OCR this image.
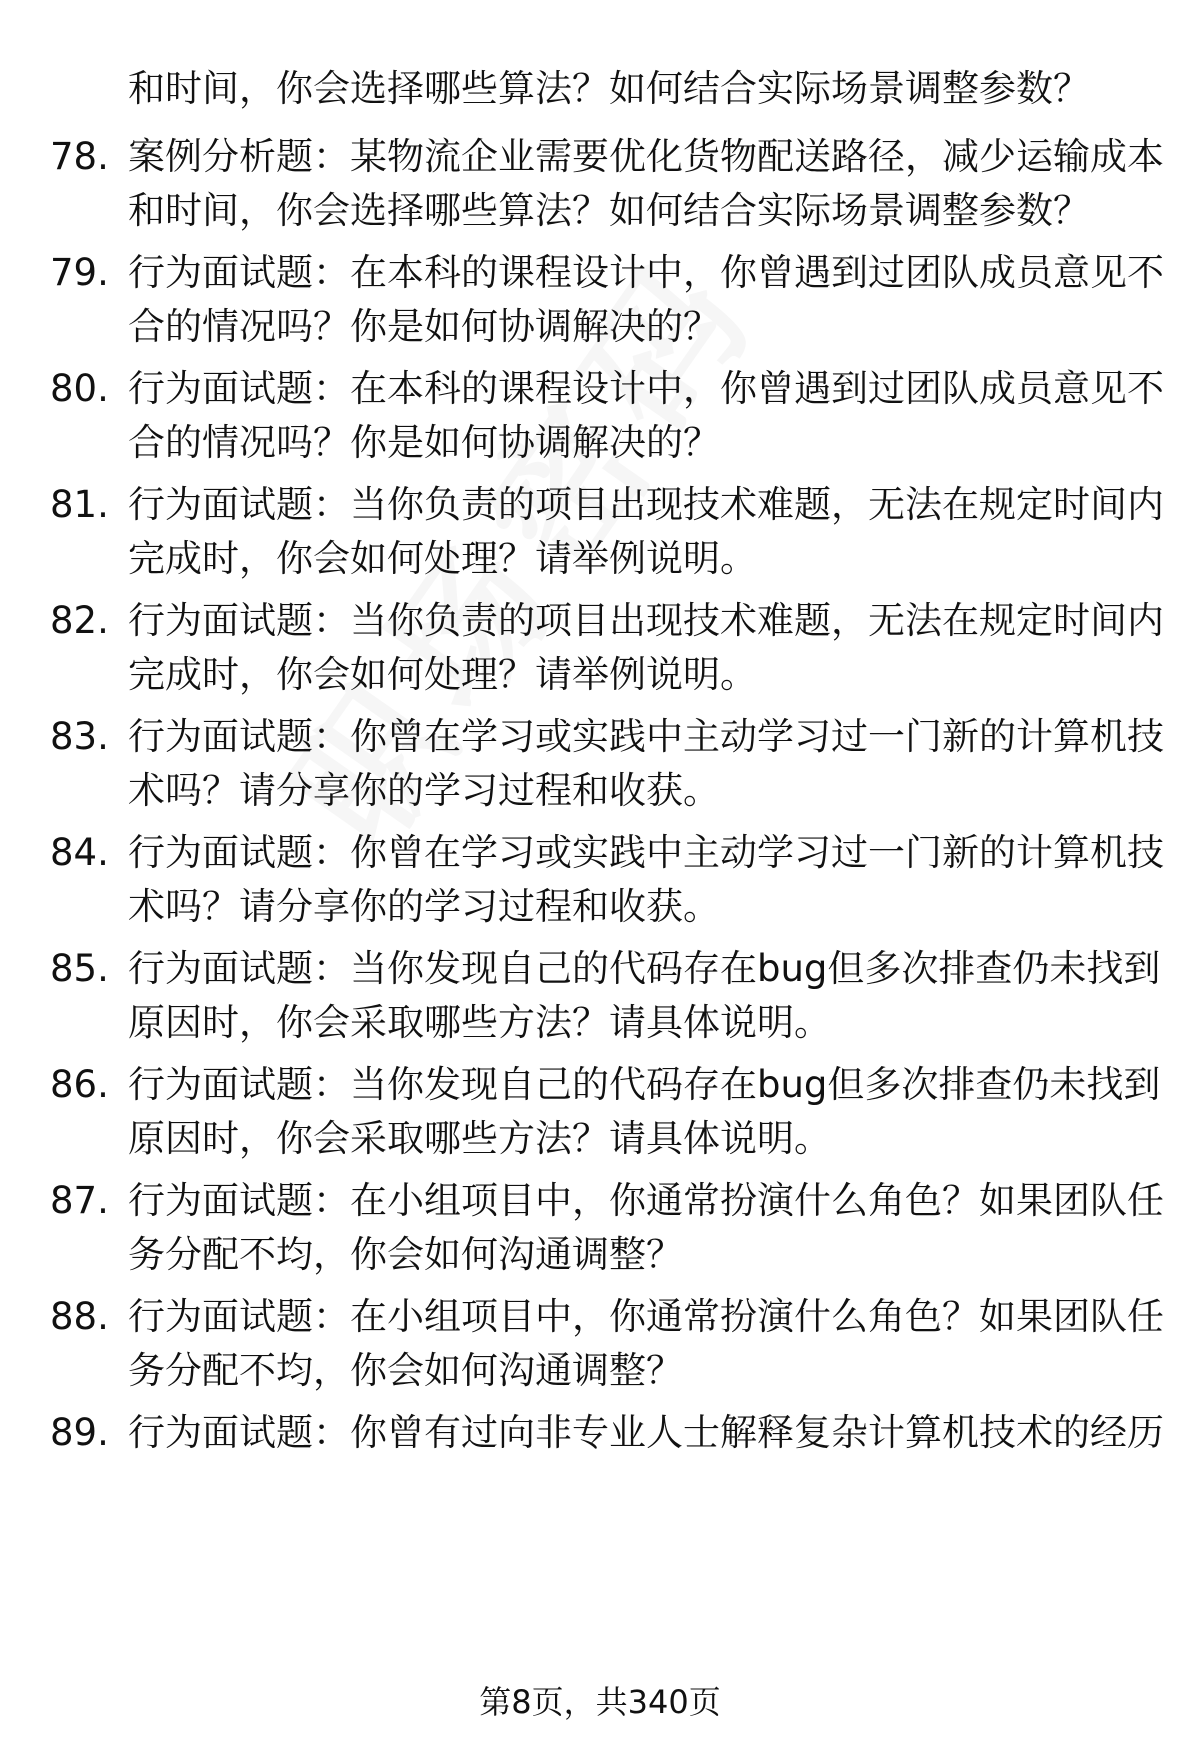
和时间，你会选择哪些算法？如何结合实际场景调整参数？
78. 案例分析题：某物流企业需要优化货物配送路径，减少运输成本
和时间，你会选择哪些算法？如何结合实际场景调整参数？
79. 行为面试题：在本科的课程设计中，你曾遇到过团队成员意见不
合的情况吗？你是如何协调解决的？
80. 行为面试题：在本科的课程设计中，你曾遇到过团队成员意见不
合的情况吗？你是如何协调解决的？
81. 行为面试题：当你负责的项目出现技术难题，无法在规定时间内
完成时，你会如何处理？请举例说明。
82. 行为面试题：当你负责的项目出现技术难题，无法在规定时间内
完成时，你会如何处理？请举例说明。
83. 行为面试题：你曾在学习或实践中主动学习过一门新的计算机技
术吗？请分享你的学习过程和收获。
84. 行为面试题：你曾在学习或实践中主动学习过一门新的计算机技
术吗？请分享你的学习过程和收获。
85. 行为面试题：当你发现自己的代码存在bug但多次排查仍未找到
原因时，你会采取哪些方法？请具体说明。
86. 行为面试题：当你发现自己的代码存在bug但多次排查仍未找到
原因时，你会采取哪些方法？请具体说明。
87. 行为面试题：在小组项目中，你通常扮演什么角色？如果团队任
务分配不均，你会如何沟通调整？
88. 行为面试题：在小组项目中，你通常扮演什么角色？如果团队任
务分配不均，你会如何沟通调整？
89. 行为面试题：你曾有过向非专业人士解释复杂计算机技术的经历
第8页，共340页
